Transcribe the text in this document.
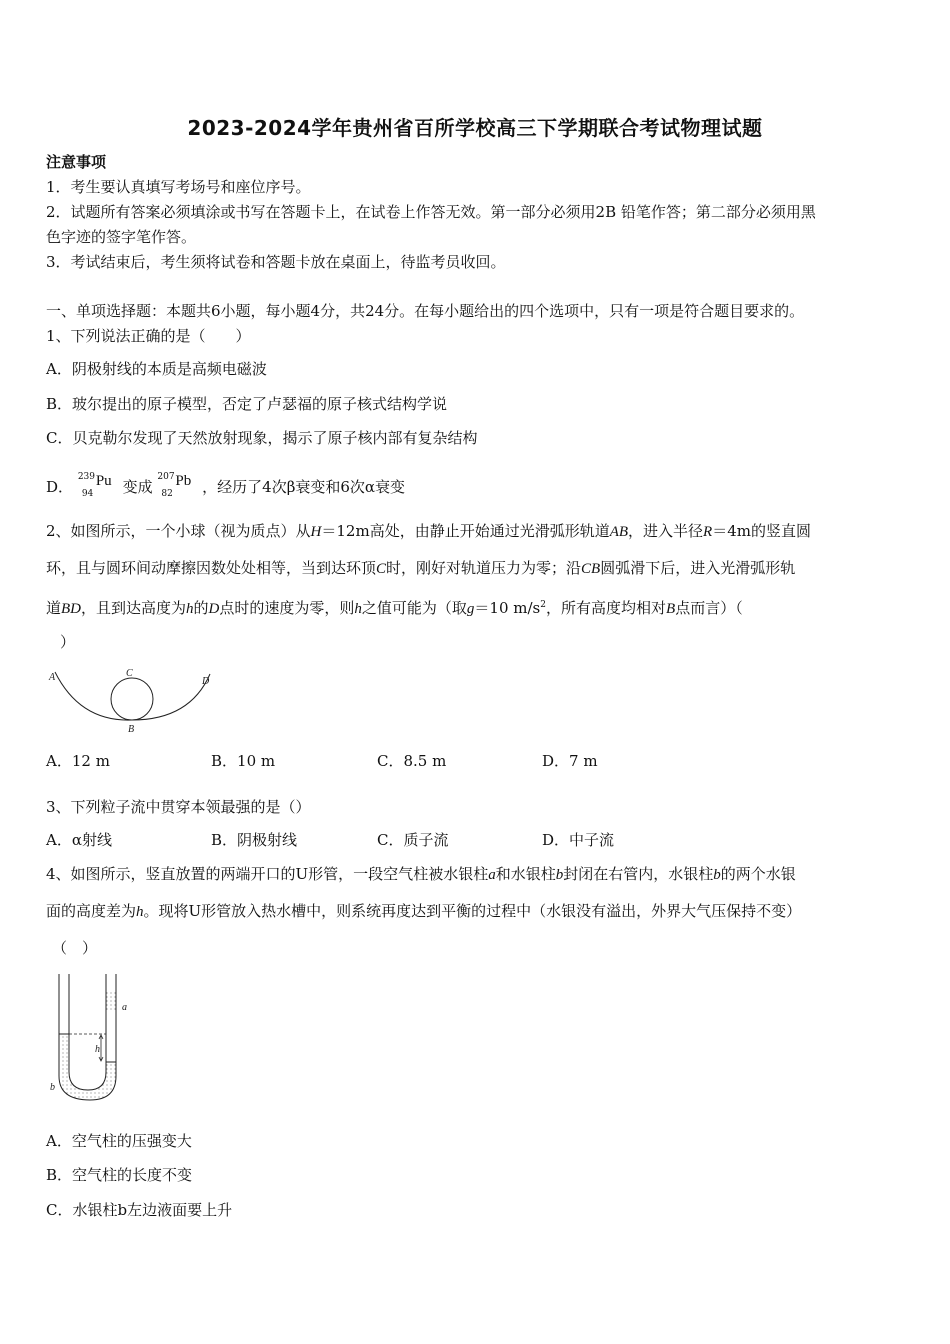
2023-2024学年贵州省百所学校高三下学期联合考试物理试题
注意事项
1．考生要认真填写考场号和座位序号。
2．试题所有答案必须填涂或书写在答题卡上，在试卷上作答无效。第一部分必须用2B 铅笔作答；第二部分必须用黑
色字迹的签字笔作答。
3．考试结束后，考生须将试卷和答题卡放在桌面上，待监考员收回。
一、单项选择题：本题共6小题，每小题4分，共24分。在每小题给出的四个选项中，只有一项是符合题目要求的。
1、下列说法正确的是（　　）
A．阴极射线的本质是高频电磁波
B．玻尔提出的原子模型，否定了卢瑟福的原子核式结构学说
C．贝克勒尔发现了天然放射现象，揭示了原子核内部有复杂结构
D．
239
94
Pu 变成
207
82
Pb ，经历了4次β衰变和6次α衰变
2、如图所示，一个小球（视为质点）从H＝12m高处，由静止开始通过光滑弧形轨道AB，进入半径R＝4m的竖直圆
环，且与圆环间动摩擦因数处处相等，当到达环顶C时，刚好对轨道压力为零；沿CB圆弧滑下后，进入光滑弧形轨
道BD，且到达高度为h的D点时的速度为零，则h之值可能为（取g＝10 $m/s^2$，所有高度均相对B点而言）（
）
A	C
D
B
A．12 m	B．10 m	C．8.5 m	D．7 m
3、下列粒子流中贯穿本领最强的是（）
A．α射线	B．阴极射线	C．质子流	D．中子流
4、如图所示，竖直放置的两端开口的U形管，一段空气柱被水银柱a和水银柱b封闭在右管内，水银柱b的两个水银
面的高度差为h。现将U形管放入热水槽中，则系统再度达到平衡的过程中（水银没有溢出，外界大气压保持不变）
（　）
a
h
b
A．空气柱的压强变大
B．空气柱的长度不变
C．水银柱b左边液面要上升
